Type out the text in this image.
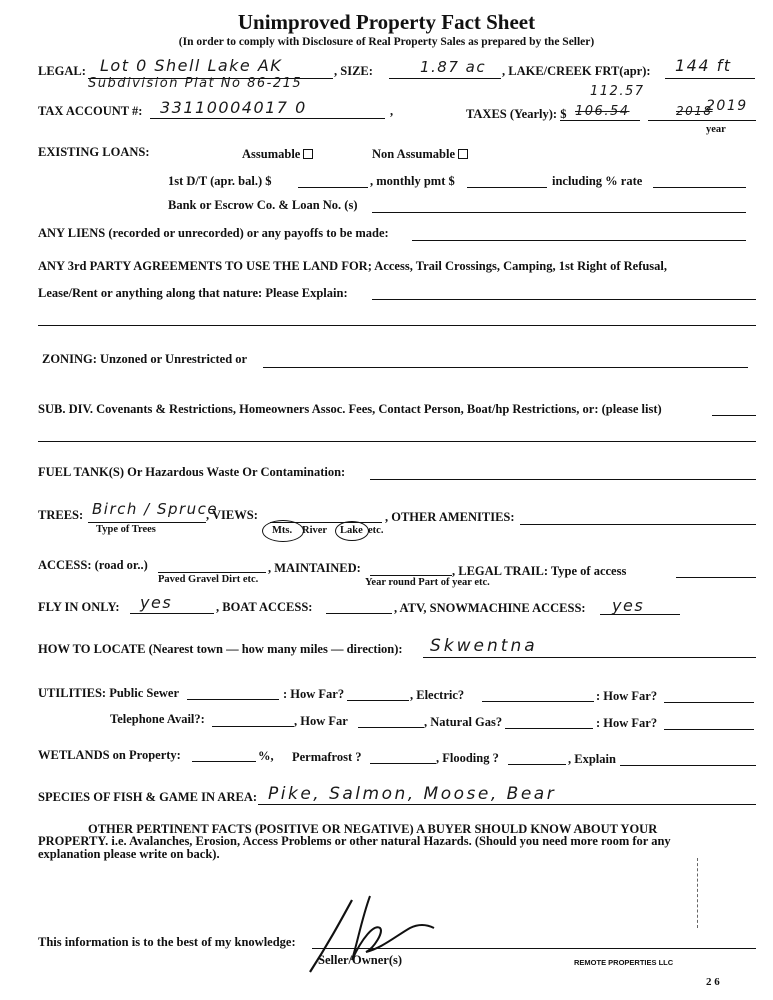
Unimproved Property Fact Sheet
(In order to comply with Disclosure of Real Property Sales as prepared by the Seller)
LEGAL: Lot 0 Shell Lake AK
Subdivision Plat No 86-215
, SIZE:	1.87 ac , LAKE/CREEK FRT(apr): 144 ft
TAX ACCOUNT #: 33110004017 0	,	TAXES (Yearly): $ 106.54
112.57
2018
2019
year
EXISTING LOANS:	Assumable	Non Assumable
1st D/T (apr. bal.) $	, monthly pmt $	including % rate
Bank or Escrow Co. & Loan No. (s)
ANY LIENS (recorded or unrecorded) or any payoffs to be made:
ANY 3rd PARTY AGREEMENTS TO USE THE LAND FOR; Access, Trail Crossings, Camping, 1st Right of Refusal,
Lease/Rent or anything along that nature: Please Explain:
ZONING: Unzoned or Unrestricted or
SUB. DIV. Covenants & Restrictions, Homeowners Assoc. Fees, Contact Person, Boat/hp Restrictions, or: (please list)
FUEL TANK(S) Or Hazardous Waste Or Contamination:
TREES: Birch / Spruce
Type of Trees
, VIEWS:
Mts. River Lake etc.
, OTHER AMENITIES:
ACCESS: (road or..)
Paved Gravel Dirt etc.
, MAINTAINED:
Year round Part of year etc.
, LEGAL TRAIL: Type of access
FLY IN ONLY: yes	, BOAT ACCESS:	, ATV, SNOWMACHINE ACCESS: yes
HOW TO LOCATE (Nearest town — how many miles — direction): Skwentna
UTILITIES: Public Sewer	: How Far?	, Electric?	: How Far?
Telephone Avail?:	, How Far	, Natural Gas?	: How Far?
WETLANDS on Property:	%, Permafrost ?	, Flooding ?	, Explain
SPECIES OF FISH & GAME IN AREA: Pike, Salmon, Moose, Bear
OTHER PERTINENT FACTS (POSITIVE OR NEGATIVE) A BUYER SHOULD KNOW ABOUT YOUR
PROPERTY. i.e. Avalanches, Erosion, Access Problems or other natural Hazards. (Should you need more room for any
explanation please write on back).
This information is to the best of my knowledge:
Seller/Owner(s)	REMOTE PROPERTIES LLC
2 6
